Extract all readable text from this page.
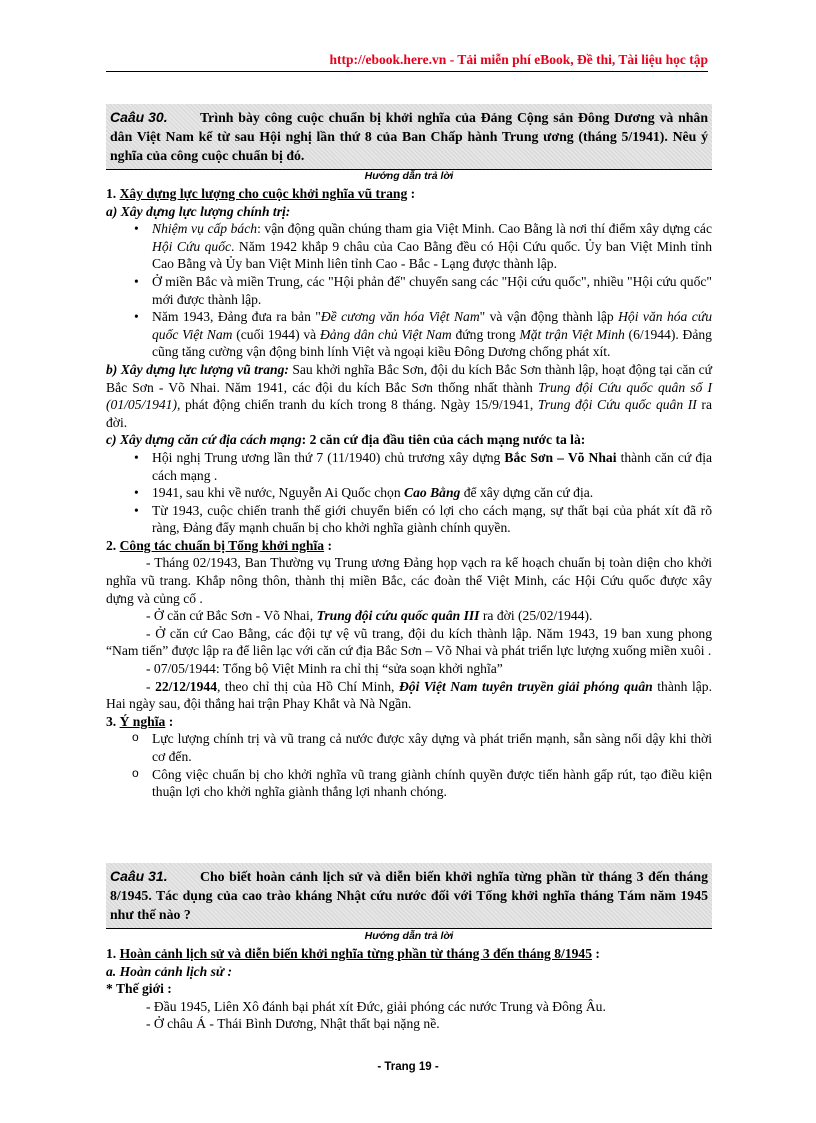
http://ebook.here.vn - Tải miễn phí eBook, Đề thi, Tài liệu học tập
Caâu 30. Trình bày công cuộc chuẩn bị khởi nghĩa của Đảng Cộng sản Đông Dương và nhân dân Việt Nam kể từ sau Hội nghị lần thứ 8 của Ban Chấp hành Trung ương (tháng 5/1941). Nêu ý nghĩa của công cuộc chuẩn bị đó.
Hướng dẫn trả lời
1. Xây dựng lực lượng cho cuộc khởi nghĩa vũ trang :
a) Xây dựng lực lượng chính trị:
• Nhiệm vụ cấp bách: vận động quần chúng tham gia Việt Minh. Cao Bằng là nơi thí điểm xây dựng các Hội Cứu quốc. Năm 1942 khắp 9 châu của Cao Bằng đều có Hội Cứu quốc. Ủy ban Việt Minh tỉnh Cao Bằng và Ủy ban Việt Minh liên tỉnh Cao - Bắc - Lạng được thành lập.
• Ở miền Bắc và miền Trung, các "Hội phản đế" chuyển sang các "Hội cứu quốc", nhiều "Hội cứu quốc" mới được thành lập.
• Năm 1943, Đảng đưa ra bản "Đề cương văn hóa Việt Nam" và vận động thành lập Hội văn hóa cứu quốc Việt Nam (cuối 1944) và Đảng dân chủ Việt Nam đứng trong Mặt trận Việt Minh (6/1944). Đảng cũng tăng cường vận động binh lính Việt và ngoại kiều Đông Dương chống phát xít.
b) Xây dựng lực lượng vũ trang: Sau khởi nghĩa Bắc Sơn, đội du kích Bắc Sơn thành lập, hoạt động tại căn cứ Bắc Sơn - Võ Nhai. Năm 1941, các đội du kích Bắc Sơn thống nhất thành Trung đội Cứu quốc quân số I (01/05/1941), phát động chiến tranh du kích trong 8 tháng. Ngày 15/9/1941, Trung đội Cứu quốc quân II ra đời.
c) Xây dựng căn cứ địa cách mạng: 2 căn cứ địa đầu tiên của cách mạng nước ta là:
• Hội nghị Trung ương lần thứ 7 (11/1940) chủ trương xây dựng Bắc Sơn – Võ Nhai thành căn cứ địa cách mạng .
• 1941, sau khi về nước, Nguyễn Ai Quốc chọn Cao Bằng để xây dựng căn cứ địa.
• Từ 1943, cuộc chiến tranh thế giới chuyển biến có lợi cho cách mạng, sự thất bại của phát xít đã rõ ràng, Đảng đẩy mạnh chuẩn bị cho khởi nghĩa giành chính quyền.
2. Công tác chuẩn bị Tổng khởi nghĩa :
- Tháng 02/1943, Ban Thường vụ Trung ương Đảng họp vạch ra kế hoạch chuẩn bị toàn diện cho khởi nghĩa vũ trang. Khắp nông thôn, thành thị miền Bắc, các đoàn thể Việt Minh, các Hội Cứu quốc được xây dựng và củng cố .
- Ở căn cứ Bắc Sơn - Võ Nhai, Trung đội cứu quốc quân III ra đời (25/02/1944).
- Ở căn cứ Cao Bằng, các đội tự vệ vũ trang, đội du kích thành lập. Năm 1943, 19 ban xung phong “Nam tiến” được lập ra để liên lạc với căn cứ địa Bắc Sơn – Võ Nhai và phát triển lực lượng xuống miền xuôi .
- 07/05/1944: Tổng bộ Việt Minh ra chỉ thị “sửa soạn khởi nghĩa”
- 22/12/1944, theo chỉ thị của Hồ Chí Minh, Đội Việt Nam tuyên truyền giải phóng quân thành lập. Hai ngày sau, đội thắng hai trận Phay Khắt và Nà Ngần.
3. Ý nghĩa :
o Lực lượng chính trị và vũ trang cả nước được xây dựng và phát triển mạnh, sẵn sàng nổi dậy khi thời cơ đến.
o Công việc chuẩn bị cho khởi nghĩa vũ trang giành chính quyền được tiến hành gấp rút, tạo điều kiện thuận lợi cho khởi nghĩa giành thắng lợi nhanh chóng.
Caâu 31. Cho biết hoàn cảnh lịch sử và diễn biến khởi nghĩa từng phần từ tháng 3 đến tháng 8/1945. Tác dụng của cao trào kháng Nhật cứu nước đối với Tổng khởi nghĩa tháng Tám năm 1945 như thế nào ?
Hướng dẫn trả lời
1. Hoàn cảnh lịch sử và diễn biến khởi nghĩa từng phần từ tháng 3 đến tháng 8/1945 :
a. Hoàn cảnh lịch sử :
* Thế giới :
- Đầu 1945, Liên Xô đánh bại phát xít Đức, giải phóng các nước Trung và Đông Âu.
- Ở châu Á - Thái Bình Dương, Nhật thất bại nặng nề.
- Trang 19 -
